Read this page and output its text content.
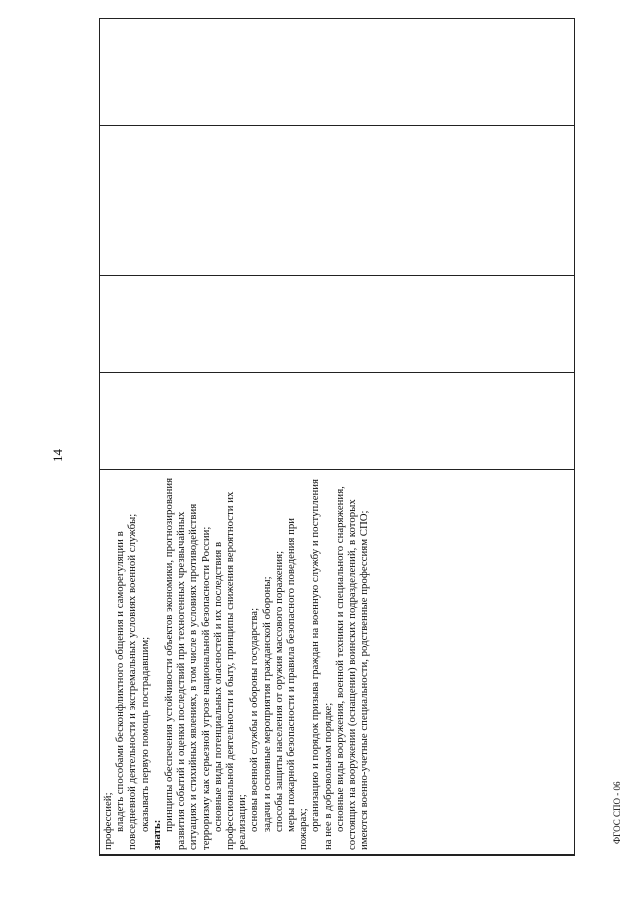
14
ФГОС СПО - 06

профессией; владеть способами бесконфликтного общения и саморегуляции в повседневной деятельности и экстремальных условиях военной службы; оказывать первую помощь пострадавшим;

знать:

принципы обеспечения устойчивости объектов экономики, прогнозирования развития событий и оценки последствий при техногенных чрезвычайных ситуациях и стихийных явлениях, в том числе в условиях противодействия терроризму как серьезной угрозе национальной безопасности России; основные виды потенциальных опасностей и их последствия в профессиональной деятельности и быту, принципы снижения вероятности их реализации; основы военной службы и обороны государства; задачи и основные мероприятия гражданской обороны; способы защиты населения от оружия массового поражения; меры пожарной безопасности и правила безопасного поведения при пожарах; организацию и порядок призыва граждан на военную службу и поступления на нее в добровольном порядке; основные виды вооружения, военной техники и специального снаряжения, состоящих на вооружении (оснащении) воинских подразделений, в которых имеются военно-учетные специальности, родственные профессиям СПО;
